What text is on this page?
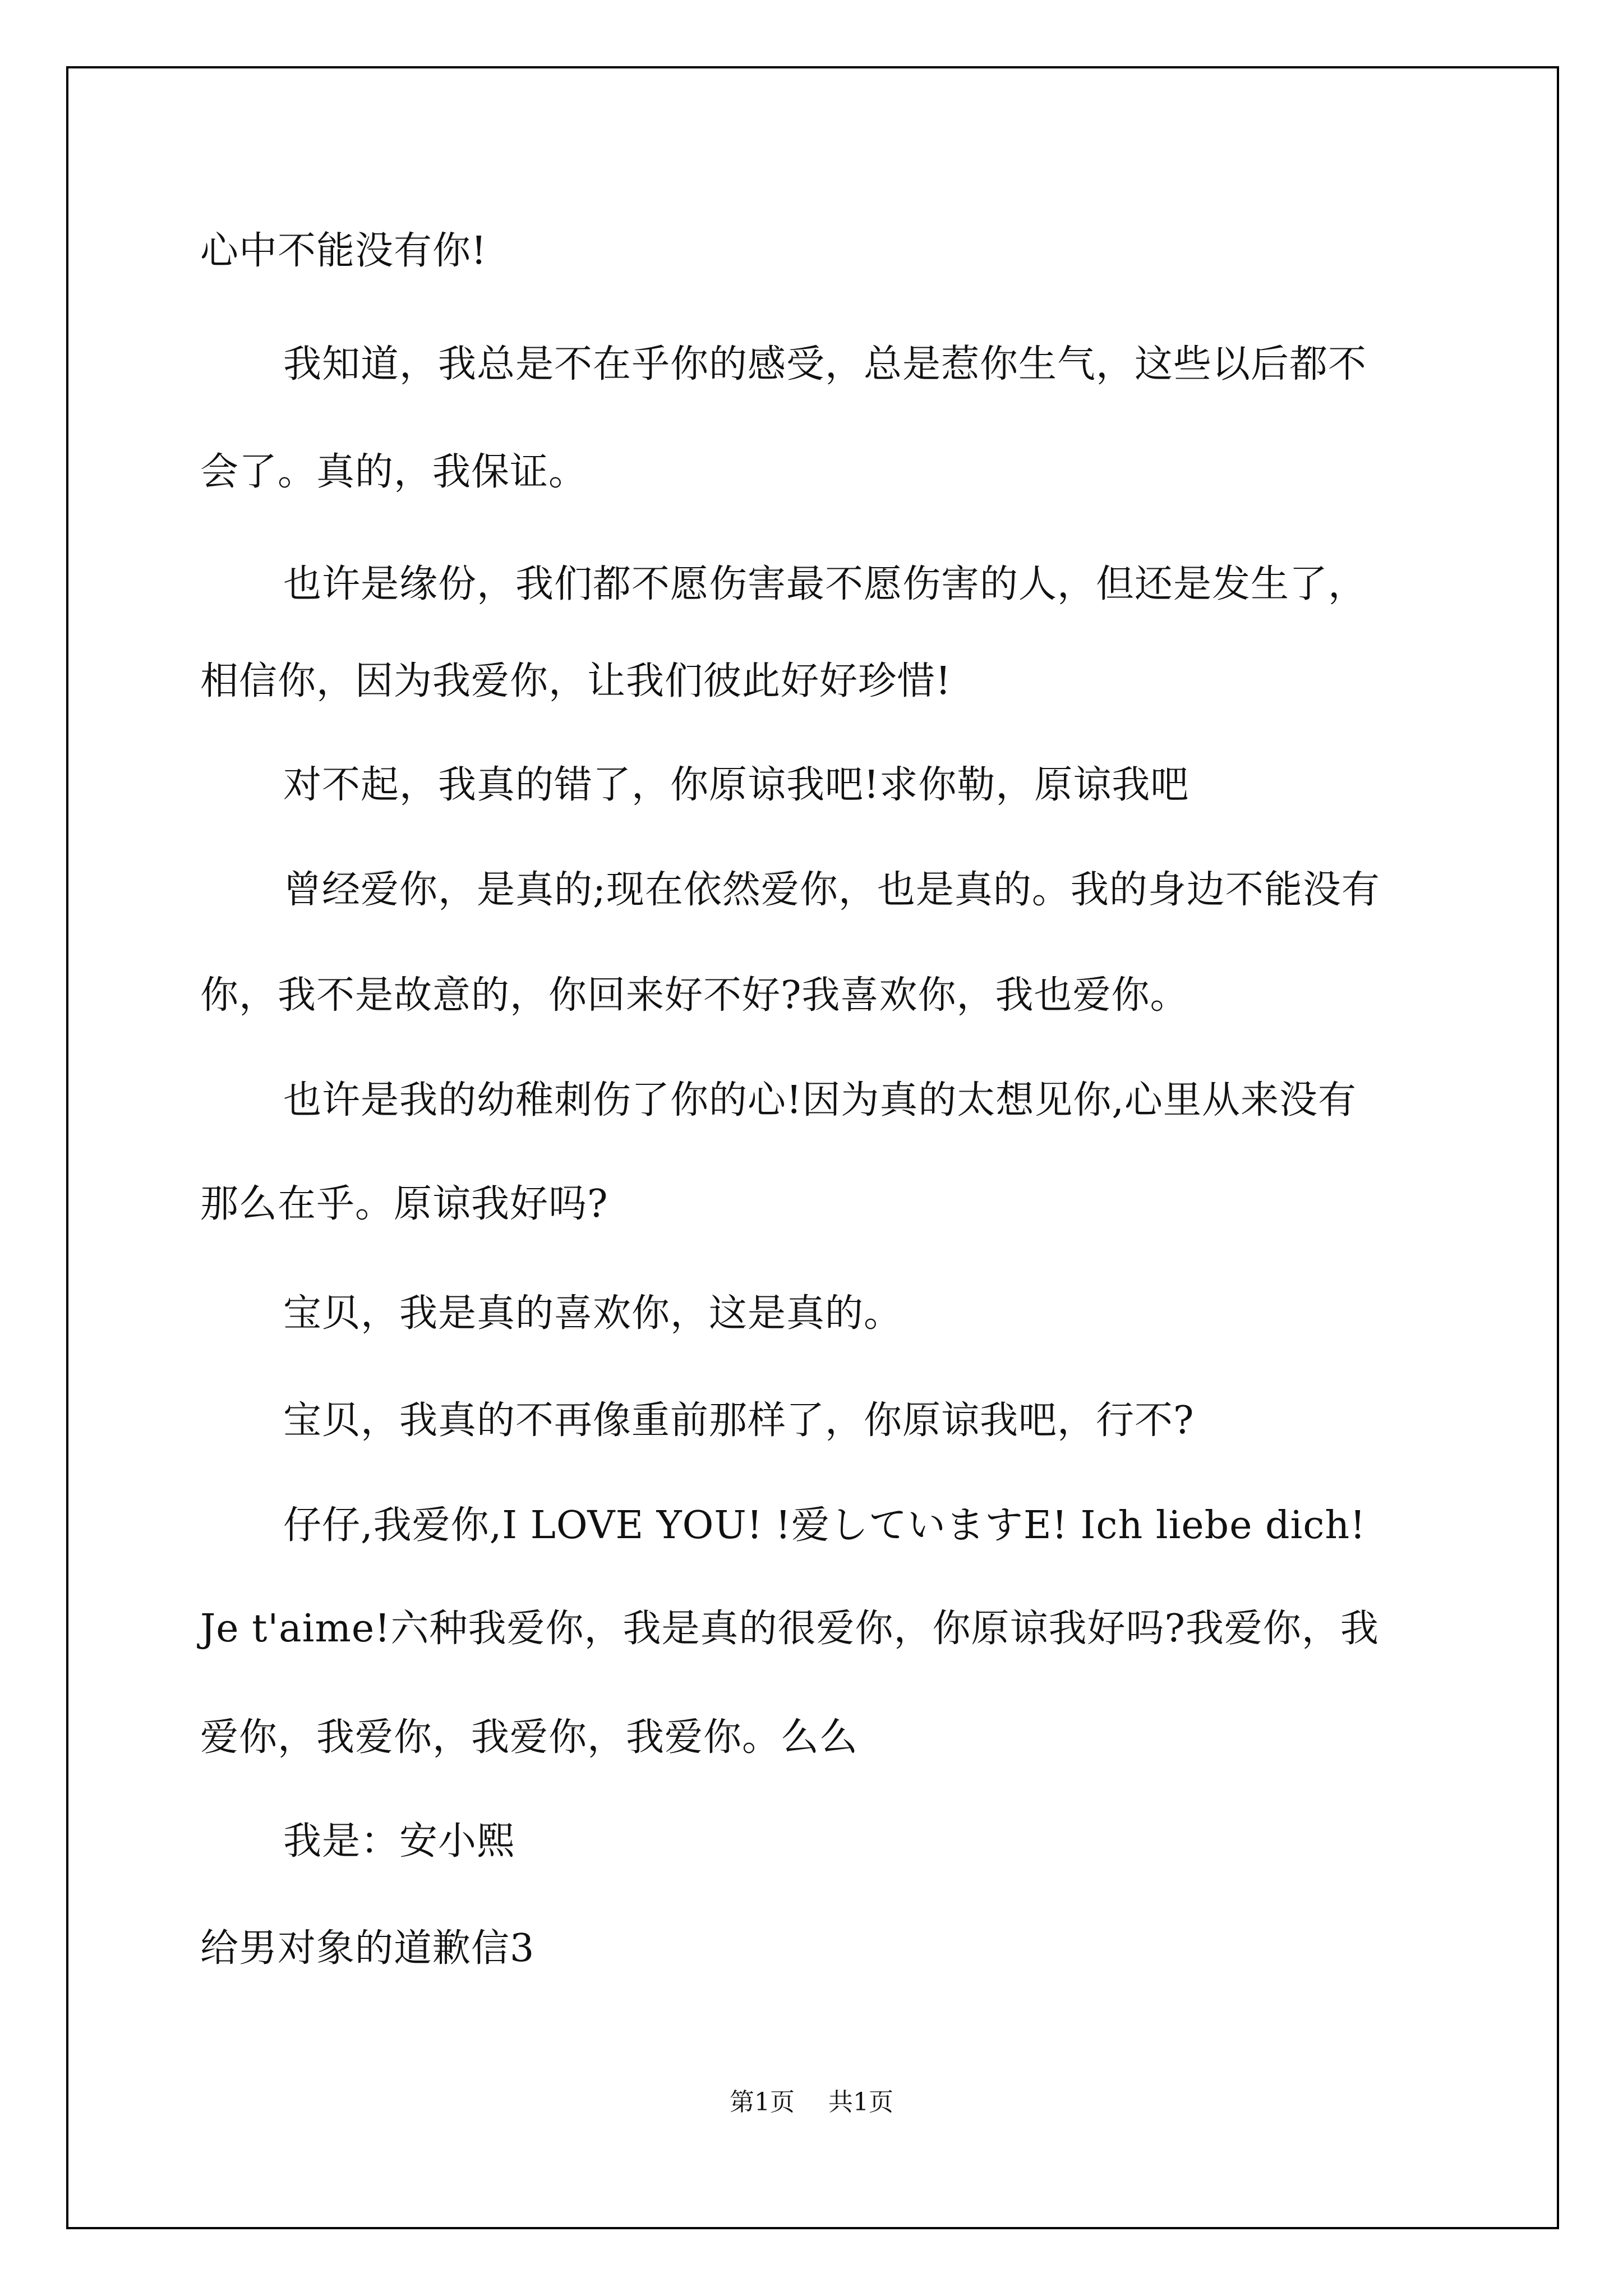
心中不能没有你!
我知道，我总是不在乎你的感受，总是惹你生气，这些以后都不
会了。真的，我保证。
也许是缘份，我们都不愿伤害最不愿伤害的人，但还是发生了，
相信你，因为我爱你，让我们彼此好好珍惜!
对不起，我真的错了，你原谅我吧!求你勒，原谅我吧
曾经爱你，是真的;现在依然爱你，也是真的。我的身边不能没有
你，我不是故意的，你回来好不好?我喜欢你，我也爱你。
也许是我的幼稚刺伤了你的心!因为真的太想见你,心里从来没有
那么在乎。原谅我好吗?
宝贝，我是真的喜欢你，这是真的。
宝贝，我真的不再像重前那样了，你原谅我吧，行不?
仔仔,我爱你,I LOVE YOU! !爱していますE! Ich liebe dich!
Je t'aime!六种我爱你，我是真的很爱你，你原谅我好吗?我爱你，我
爱你，我爱你，我爱你，我爱你。么么
我是：安小熙
给男对象的道歉信3
第1页 共1页
